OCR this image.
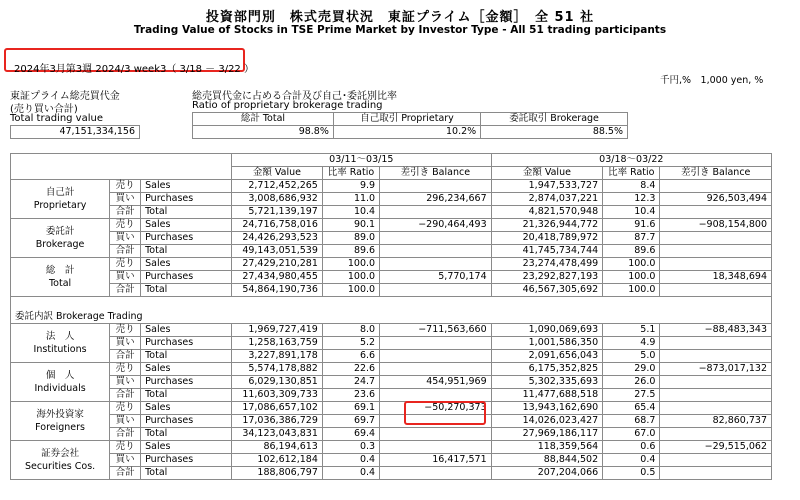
投資部門別　株式売買状況　東証プライム［金額］　全 51 社
Trading Value of Stocks in TSE Prime Market by Investor Type - All 51 trading participants
2024年3月第3週 2024/3 week3（ 3/18 － 3/22 ）
千円,%　1,000 yen, %
東証プライム総売買代金
(売り買い合計)
Total trading value
47,151,334,156
総売買代金に占める合計及び自己･委託別比率
Ratio of proprietary brokerage trading
総計 Total	自己取引 Proprietary	委託取引 Brokerage
98.8%	10.2%	88.5%
			03/11～03/15			03/18～03/22		
			金額 Value	比率 Ratio	差引き Balance	金額 Value	比率 Ratio	差引き Balance

自己計
Proprietary	売り	Sales	2,712,452,265	9.9		1,947,533,727	8.4	
	買い	Purchases	3,008,686,932	11.0	296,234,667	2,874,037,221	12.3	926,503,494
	合計	Total	5,721,139,197	10.4		4,821,570,948	10.4	

委託計
Brokerage	売り	Sales	24,716,758,016	90.1	−290,464,493	21,326,944,772	91.6	−908,154,800
	買い	Purchases	24,426,293,523	89.0		20,418,789,972	87.7	
	合計	Total	49,143,051,539	89.6		41,745,734,744	89.6	

総　計
Total	売り	Sales	27,429,210,281	100.0		23,274,478,499	100.0	
	買い	Purchases	27,434,980,455	100.0	5,770,174	23,292,827,193	100.0	18,348,694
	合計	Total	54,864,190,736	100.0		46,567,305,692	100.0	

委託内訳 Brokerage Trading								

法　人
Institutions	売り	Sales	1,969,727,419	8.0	−711,563,660	1,090,069,693	5.1	−88,483,343
	買い	Purchases	1,258,163,759	5.2		1,001,586,350	4.9	
	合計	Total	3,227,891,178	6.6		2,091,656,043	5.0	

個　人
Individuals	売り	Sales	5,574,178,882	22.6		6,175,352,825	29.0	−873,017,132
	買い	Purchases	6,029,130,851	24.7	454,951,969	5,302,335,693	26.0	
	合計	Total	11,603,309,733	23.6		11,477,688,518	27.5	

海外投資家
Foreigners	売り	Sales	17,086,657,102	69.1	−50,270,373	13,943,162,690	65.4	
	買い	Purchases	17,036,386,729	69.7		14,026,023,427	68.7	82,860,737
	合計	Total	34,123,043,831	69.4		27,969,186,117	67.0	

証券会社
Securities Cos.	売り	Sales	86,194,613	0.3		118,359,564	0.6	−29,515,062
	買い	Purchases	102,612,184	0.4	16,417,571	88,844,502	0.4	
	合計	Total	188,806,797	0.4		207,204,066	0.5	
